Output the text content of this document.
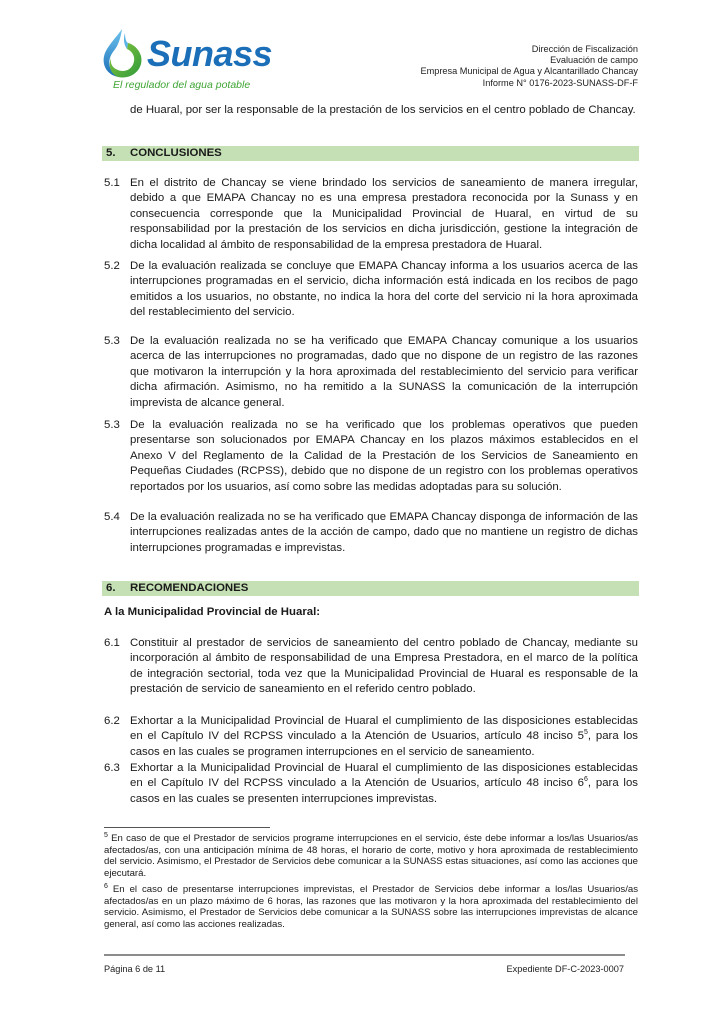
Sunass
El regulador del agua potable
Dirección de Fiscalización
Evaluación de campo
Empresa Municipal de Agua y Alcantarillado Chancay
Informe N° 0176-2023-SUNASS-DF-F
de Huaral, por ser la responsable de la prestación de los servicios en el centro poblado de Chancay.
5. CONCLUSIONES
5.1 En el distrito de Chancay se viene brindado los servicios de saneamiento de manera irregular, debido a que EMAPA Chancay no es una empresa prestadora reconocida por la Sunass y en consecuencia corresponde que la Municipalidad Provincial de Huaral, en virtud de su responsabilidad por la prestación de los servicios en dicha jurisdicción, gestione la integración de dicha localidad al ámbito de responsabilidad de la empresa prestadora de Huaral.
5.2 De la evaluación realizada se concluye que EMAPA Chancay informa a los usuarios acerca de las interrupciones programadas en el servicio, dicha información está indicada en los recibos de pago emitidos a los usuarios, no obstante, no indica la hora del corte del servicio ni la hora aproximada del restablecimiento del servicio.
5.3 De la evaluación realizada no se ha verificado que EMAPA Chancay comunique a los usuarios acerca de las interrupciones no programadas, dado que no dispone de un registro de las razones que motivaron la interrupción y la hora aproximada del restablecimiento del servicio para verificar dicha afirmación. Asimismo, no ha remitido a la SUNASS la comunicación de la interrupción imprevista de alcance general.
5.3 De la evaluación realizada no se ha verificado que los problemas operativos que pueden presentarse son solucionados por EMAPA Chancay en los plazos máximos establecidos en el Anexo V del Reglamento de la Calidad de la Prestación de los Servicios de Saneamiento en Pequeñas Ciudades (RCPSS), debido que no dispone de un registro con los problemas operativos reportados por los usuarios, así como sobre las medidas adoptadas para su solución.
5.4 De la evaluación realizada no se ha verificado que EMAPA Chancay disponga de información de las interrupciones realizadas antes de la acción de campo, dado que no mantiene un registro de dichas interrupciones programadas e imprevistas.
6. RECOMENDACIONES
A la Municipalidad Provincial de Huaral:
6.1 Constituir al prestador de servicios de saneamiento del centro poblado de Chancay, mediante su incorporación al ámbito de responsabilidad de una Empresa Prestadora, en el marco de la política de integración sectorial, toda vez que la Municipalidad Provincial de Huaral es responsable de la prestación de servicio de saneamiento en el referido centro poblado.
6.2 Exhortar a la Municipalidad Provincial de Huaral el cumplimiento de las disposiciones establecidas en el Capítulo IV del RCPSS vinculado a la Atención de Usuarios, artículo 48 inciso $5^5$, para los casos en las cuales se programen interrupciones en el servicio de saneamiento.
6.3 Exhortar a la Municipalidad Provincial de Huaral el cumplimiento de las disposiciones establecidas en el Capítulo IV del RCPSS vinculado a la Atención de Usuarios, artículo 48 inciso $6^6$, para los casos en las cuales se presenten interrupciones imprevistas.
$^5$ En caso de que el Prestador de servicios programe interrupciones en el servicio, éste debe informar a los/las Usuarios/as afectados/as, con una anticipación mínima de 48 horas, el horario de corte, motivo y hora aproximada de restablecimiento del servicio. Asimismo, el Prestador de Servicios debe comunicar a la SUNASS estas situaciones, así como las acciones que ejecutará.
$^6$ En el caso de presentarse interrupciones imprevistas, el Prestador de Servicios debe informar a los/las Usuarios/as afectados/as en un plazo máximo de 6 horas, las razones que las motivaron y la hora aproximada del restablecimiento del servicio. Asimismo, el Prestador de Servicios debe comunicar a la SUNASS sobre las interrupciones imprevistas de alcance general, así como las acciones realizadas.
Página 6 de 11	Expediente DF-C-2023-0007
